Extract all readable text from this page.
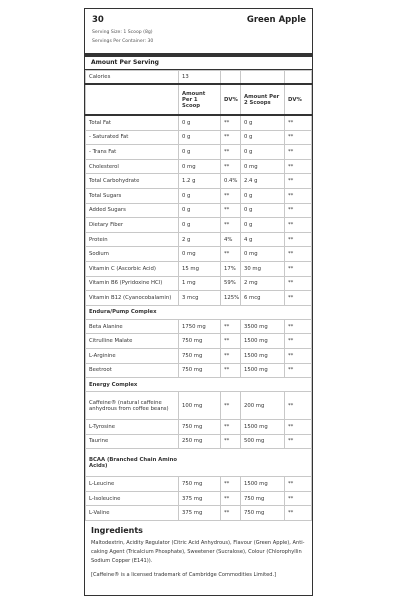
30	Green Apple
Serving Size: 1 Scoop (8g)
Servings Per Container: 30
Amount Per Serving
Calories	13			
	Amount Per 1 Scoop	DV%	Amount Per 2 Scoops	DV%
Total Fat	0 g	**	0 g	**
- Saturated Fat	0 g	**	0 g	**
- Trans Fat	0 g	**	0 g	**
Cholesterol	0 mg	**	0 mg	**
Total Carbohydrate	1.2 g	0.4%	2.4 g	**
Total Sugars	0 g	**	0 g	**
Added Sugars	0 g	**	0 g	**
Dietary Fiber	0 g	**	0 g	**
Protein	2 g	4%	4 g	**
Sodium	0 mg	**	0 mg	**
Vitamin C (Ascorbic Acid)	15 mg	17%	30 mg	**
Vitamin B6 (Pyridoxine HCl)	1 mg	59%	2 mg	**
Vitamin B12 (Cyanocobalamin)	3 mcg	125%	6 mcg	**
Endura/Pump Complex				
Beta Alanine	1750 mg	**	3500 mg	**
Citrulline Malate	750 mg	**	1500 mg	**
L-Arginine	750 mg	**	1500 mg	**
Beetroot	750 mg	**	1500 mg	**
Energy Complex				

Caffeine® (natural caffeine
anhydrous from coffee beans)	100 mg	**	200 mg	**
L-Tyrosine	750 mg	**	1500 mg	**
Taurine	250 mg	**	500 mg	**

BCAA (Branched Chain Amino
Acids)				

L-Leucine	750 mg	**	1500 mg	**
L-Isoleucine	375 mg	**	750 mg	**
L-Valine	375 mg	**	750 mg	**
Ingredients
Maltodextrin, Acidity Regulator (Citric Acid Anhydrous), Flavour (Green Apple), Anti-caking Agent (Tricalcium Phosphate), Sweetener (Sucralose), Colour (Chlorophyllin Sodium Copper (E141)).
[Caffeine® is a licensed trademark of Cambridge Commodities Limited.]
